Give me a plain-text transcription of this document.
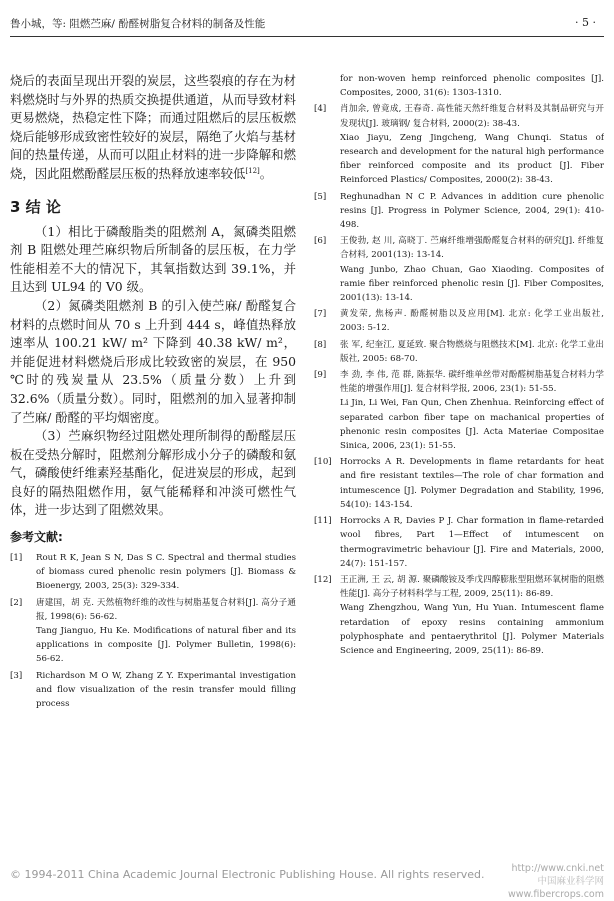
鲁小城，等: 阻燃苎麻/ 酚醛树脂复合材料的制备及性能	· 5 ·

烧后的表面呈现出开裂的炭层，这些裂痕的存在为材料燃烧时与外界的热质交换提供通道，从而导致材料更易燃烧，热稳定性下降；而通过阻燃后的层压板燃烧后能够形成致密性较好的炭层，隔绝了火焰与基材间的热量传递，从而可以阻止材料的进一步降解和燃烧，因此阻燃酚醛层压板的热释放速率较低[12]。

3 结 论

（1）相比于磷酸脂类的阻燃剂 A，氮磷类阻燃剂 B 阻燃处理苎麻织物后所制备的层压板，在力学性能相差不大的情况下，其氧指数达到 39.1%，并且达到 UL94 的 V0 级。

（2）氮磷类阻燃剂 B 的引入使苎麻/ 酚醛复合材料的点燃时间从 70 s 上升到 444 s，峰值热释放速率从 100.21 kW/ m² 下降到 40.38 kW/ m²，并能促进材料燃烧后形成比较致密的炭层，在 950 ℃时的残炭量从 23.5%（质量分数）上升到 32.6%（质量分数）。同时，阻燃剂的加入显著抑制了苎麻/ 酚醛的平均烟密度。

（3）苎麻织物经过阻燃处理所制得的酚醛层压板在受热分解时，阻燃剂分解形成小分子的磷酸和氨气，磷酸使纤维素羟基酯化，促进炭层的形成，起到良好的隔热阻燃作用，氨气能稀释和冲淡可燃性气体，进一步达到了阻燃效果。

参考文献:
[1]	Rout R K, Jean S N, Das S C. Spectral and thermal studies of biomass cured phenolic resin polymers [J]. Biomass & Bioenergy, 2003, 25(3): 329-334.
[2]	唐建国，胡 克. 天然植物纤维的改性与树脂基复合材料[J]. 高分子通报, 1998(6): 56-62.
Tang Jianguo, Hu Ke. Modifications of natural fiber and its applications in composite [J]. Polymer Bulletin, 1998(6): 56-62.
[3]	Richardson M O W, Zhang Z Y. Experimantal investigation and flow visualization of the resin transfer mould filling process
for non-woven hemp reinforced phenolic composites [J]. Composites, 2000, 31(6): 1303-1310.
[4]	肖加余, 曾竟成, 王春奇. 高性能天然纤维复合材料及其制品研究与开发现状[J]. 玻璃钢/ 复合材料, 2000(2): 38-43.
Xiao Jiayu, Zeng Jingcheng, Wang Chunqi. Status of research and development for the natural high performance fiber reinforced composite and its product [J]. Fiber Reinforced Plastics/ Composites, 2000(2): 38-43.
[5]	Reghunadhan N C P. Advances in addition cure phenolic resins [J]. Progress in Polymer Science, 2004, 29(1): 410-498.
[6]	王俊勃, 赵 川, 高晓丁. 苎麻纤维增强酚醛复合材料的研究[J]. 纤维复合材料, 2001(13): 13-14.
Wang Junbo, Zhao Chuan, Gao Xiaoding. Composites of ramie fiber reinforced phenolic resin [J]. Fiber Composites, 2001(13): 13-14.
[7]	黄发荣, 焦杨声. 酚醛树脂以及应用[M]. 北京: 化学工业出版社, 2003: 5-12.
[8]	张 军, 纪奎江, 夏延致. 聚合物燃烧与阻燃技术[M]. 北京: 化学工业出版社, 2005: 68-70.
[9]	李 劲, 李 伟, 范 群, 陈振华. 碳纤维单丝带对酚醛树脂基复合材料力学性能的增强作用[J]. 复合材料学报, 2006, 23(1): 51-55.
Li Jin, Li Wei, Fan Qun, Chen Zhenhua. Reinforcing effect of separated carbon fiber tape on machanical properties of phenonic resin composites [J]. Acta Materiae Compositae Sinica, 2006, 23(1): 51-55.
[10] Horrocks A R. Developments in flame retardants for heat and fire resistant textiles—The role of char formation and intumescence [J]. Polymer Degradation and Stability, 1996, 54(10): 143-154.
[11] Horrocks A R, Davies P J. Char formation in flame-retarded wool fibres, Part 1—Effect of intumescent on thermogravimetric behaviour [J]. Fire and Materials, 2000, 24(7): 151-157.
[12] 王正洲, 王 云, 胡 源. 聚磷酸铵及季戊四醇膨胀型阻燃环氧树脂的阻燃性能[J]. 高分子材料科学与工程, 2009, 25(11): 86-89.
Wang Zhengzhou, Wang Yun, Hu Yuan. Intumescent flame retardation of epoxy resins containing ammonium polyphosphate and pentaerythritol [J]. Polymer Materials Science and Engineering, 2009, 25(11): 86-89.
© 1994-2011 China Academic Journal Electronic Publishing House. All rights reserved.	http://www.cnki.net
中国麻业科学网
www.fibercrops.com
